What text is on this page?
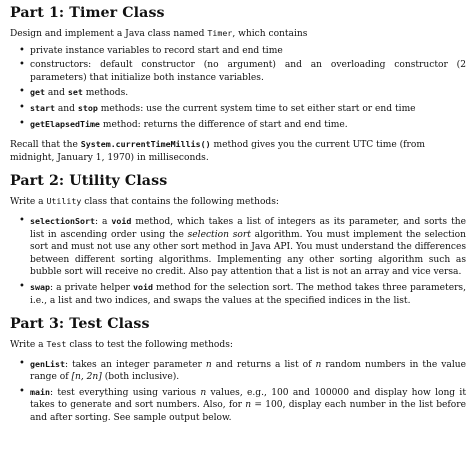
Part 1: Timer Class

Design and implement a Java class named Timer, which contains

• private instance variables to record start and end time
• constructors: default constructor (no argument) and an overloading constructor (2 parameters) that initialize both instance variables.
• get and set methods.
• start and stop methods: use the current system time to set either start or end time
• getElapsedTime method: returns the difference of start and end time.

Recall that the System.currentTimeMillis() method gives you the current UTC time (from midnight, January 1, 1970) in milliseconds.

Part 2: Utility Class

Write a Utility class that contains the following methods:

• selectionSort: a void method, which takes a list of integers as its parameter, and sorts the list in ascending order using the selection sort algorithm. You must implement the selection sort and must not use any other sort method in Java API. You must understand the differences between different sorting algorithms. Implementing any other sorting algorithm such as bubble sort will receive no credit. Also pay attention that a list is not an array and vice versa.
• swap: a private helper void method for the selection sort. The method takes three parameters, i.e., a list and two indices, and swaps the values at the specified indices in the list.
Part 3: Test Class

Write a Test class to test the following methods:

• genList: takes an integer parameter n and returns a list of n random numbers in the value range of [n, 2n] (both inclusive).
• main: test everything using various n values, e.g., 100 and 100000 and display how long it takes to generate and sort numbers. Also, for n = 100, display each number in the list before and after sorting. See sample output below.
